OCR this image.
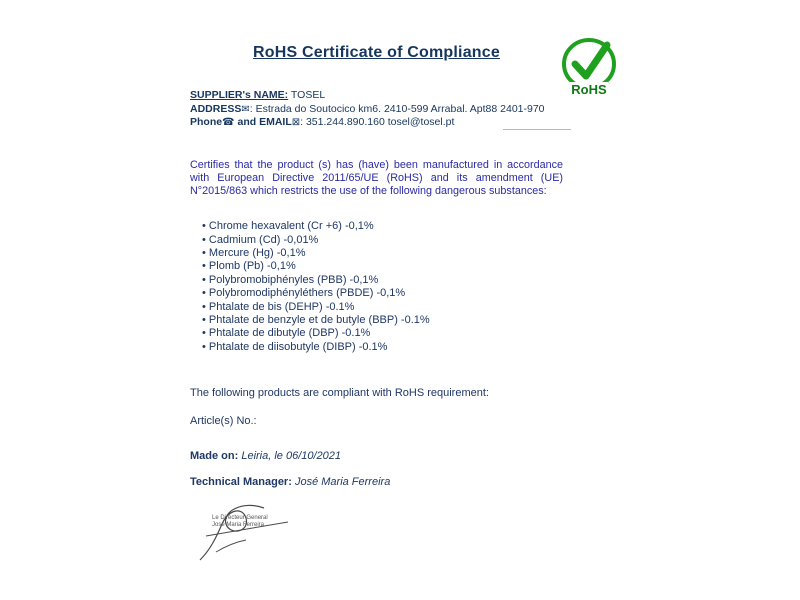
RoHS
RoHS Certificate of Compliance
SUPPLIER's NAME: TOSEL
ADDRESS✉: Estrada do Soutocico km6. 2410-599 Arrabal. Apt88 2401-970
Phone☎ and EMAIL⊠: 351.244.890.160 tosel@tosel.pt
Certifies that the product (s) has (have) been manufactured in accordance with European Directive 2011/65/UE (RoHS) and its amendment (UE) N°2015/863 which restricts the use of the following dangerous substances:
• Chrome hexavalent (Cr +6) -0,1%
• Cadmium (Cd) -0,01%
• Mercure (Hg) -0,1%
• Plomb (Pb) -0,1%
• Polybromobiphényles (PBB) -0,1%
• Polybromodiphényléthers (PBDE) -0,1%
• Phtalate de bis (DEHP) -0.1%
• Phtalate de benzyle et de butyle (BBP) -0.1%
• Phtalate de dibutyle (DBP) -0.1%
• Phtalate de diisobutyle (DIBP) -0.1%
The following products are compliant with RoHS requirement:
Article(s) No.:
Made on: Leiria, le 06/10/2021
Technical Manager: José Maria Ferreira
Le Directeur General
José Maria Ferreira
